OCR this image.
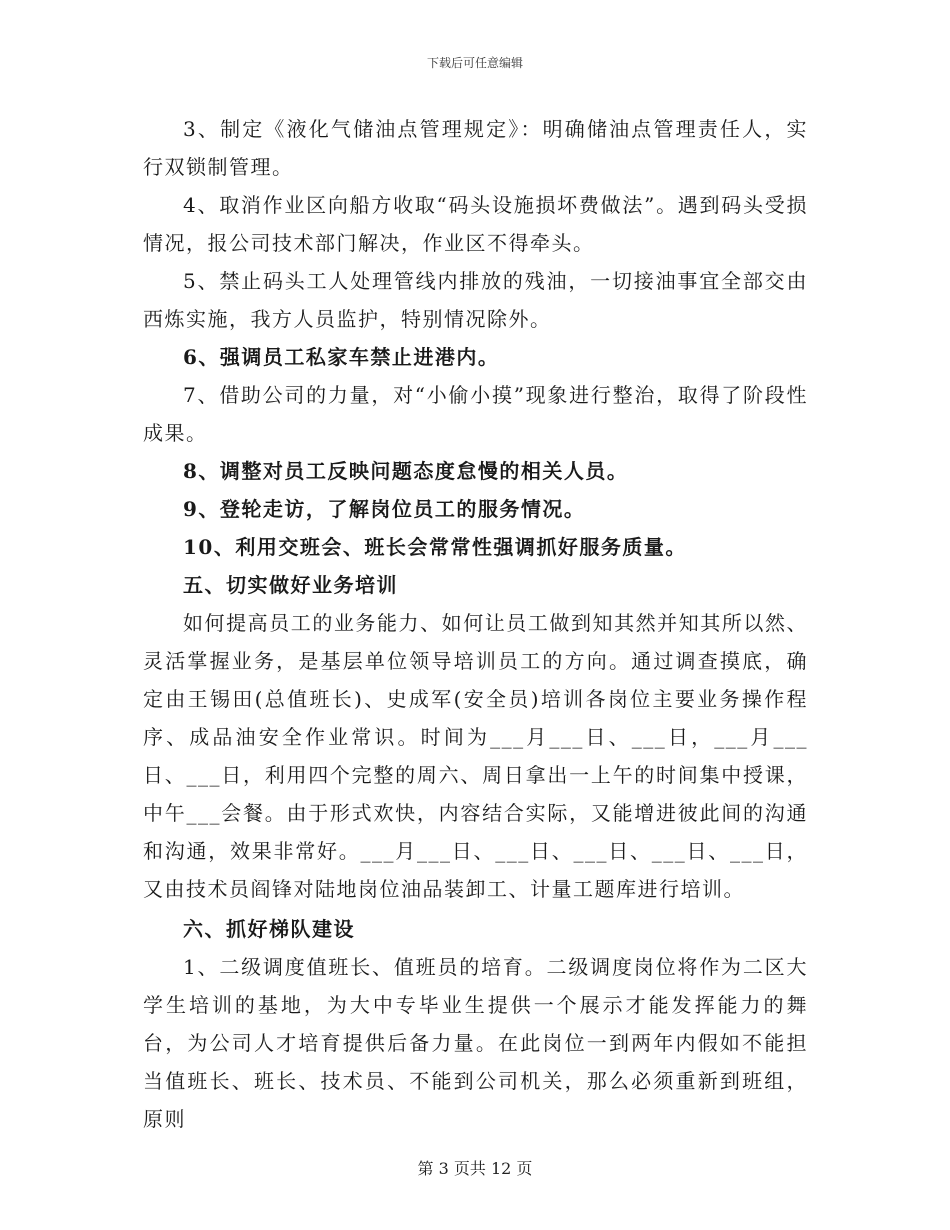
下载后可任意编辑

3、制定《液化气储油点管理规定》：明确储油点管理责任人，实行双锁制管理。

4、取消作业区向船方收取“码头设施损坏费做法”。遇到码头受损情况，报公司技术部门解决，作业区不得牵头。

5、禁止码头工人处理管线内排放的残油，一切接油事宜全部交由西炼实施，我方人员监护，特别情况除外。

6、强调员工私家车禁止进港内。

7、借助公司的力量，对“小偷小摸”现象进行整治，取得了阶段性成果。

8、调整对员工反映问题态度怠慢的相关人员。

9、登轮走访，了解岗位员工的服务情况。

10、利用交班会、班长会常常性强调抓好服务质量。

五、切实做好业务培训

如何提高员工的业务能力、如何让员工做到知其然并知其所以然、灵活掌握业务，是基层单位领导培训员工的方向。通过调查摸底，确定由王锡田(总值班长)、史成军(安全员)培训各岗位主要业务操作程序、成品油安全作业常识。时间为___月___日、___日，___月___日、___日，利用四个完整的周六、周日拿出一上午的时间集中授课，中午___会餐。由于形式欢快，内容结合实际，又能增进彼此间的沟通和沟通，效果非常好。___月___日、___日、___日、___日、___日，又由技术员阎锋对陆地岗位油品装卸工、计量工题库进行培训。

六、抓好梯队建设

1、二级调度值班长、值班员的培育。二级调度岗位将作为二区大学生培训的基地，为大中专毕业生提供一个展示才能发挥能力的舞台，为公司人才培育提供后备力量。在此岗位一到两年内假如不能担当值班长、班长、技术员、不能到公司机关，那么必须重新到班组，原则

第 3 页共 12 页
